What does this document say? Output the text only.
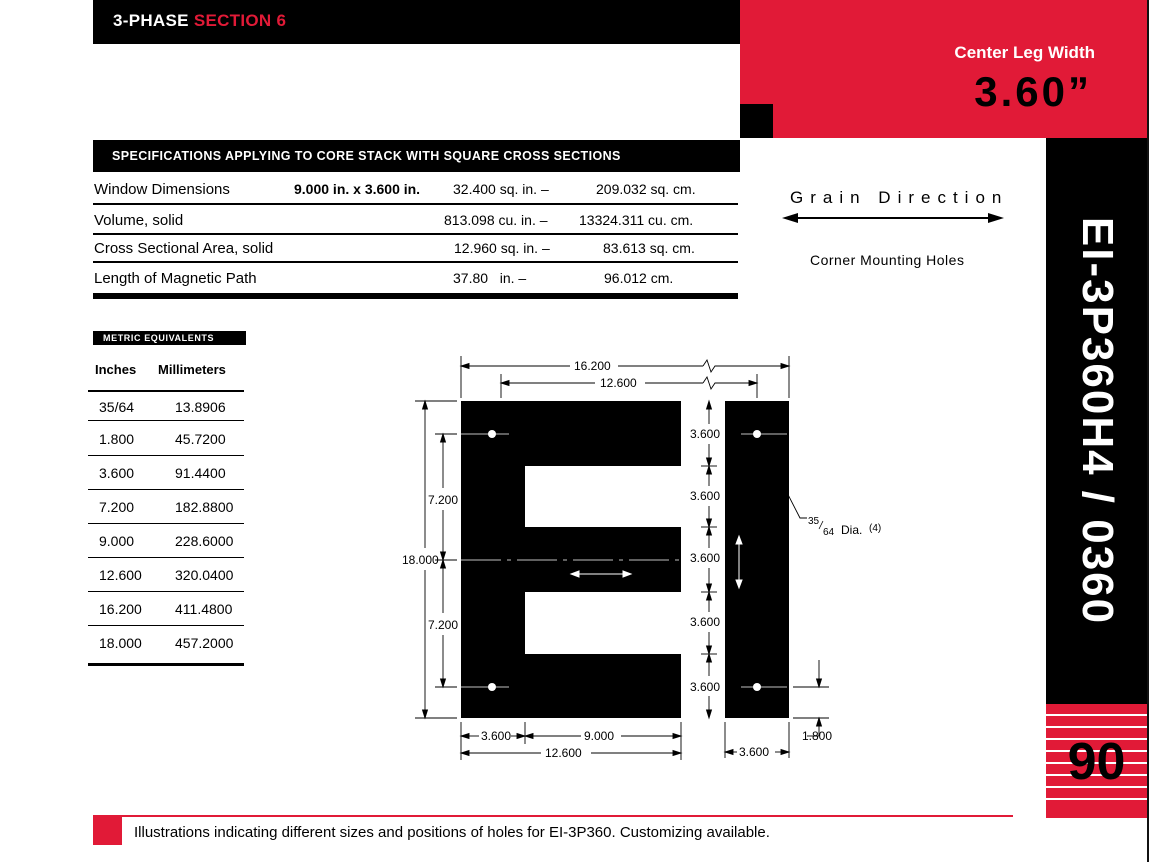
3-PHASE SECTION 6
Center Leg Width
3.60”
EI-3P360H4 / 0360
90
SPECIFICATIONS APPLYING TO CORE STACK WITH SQUARE CROSS SECTIONS
Window Dimensions	9.000 in. x 3.600 in. 32.400 sq. in. –	209.032 sq. cm.
Volume, solid	813.098 cu. in. – 13324.311 cu. cm.
Cross Sectional Area, solid	12.960 sq. in. –	83.613 sq. cm.
Length of Magnetic Path	37.80   in. –	96.012 cm.
Grain Direction
Corner Mounting Holes
METRIC EQUIVALENTS
Inches Millimeters
35/64	13.8906
1.800	45.7200
3.600	91.4400
7.200	182.8800
9.000	228.6000
12.600 320.0400
16.200 411.4800
18.000 457.2000
16.200
12.600
18.000
7.200
7.200
3.600
3.600
3.600
3.600
3.600
35
64 Dia. (4)
1.800
3.600	9.000
12.600	3.600
Illustrations indicating different sizes and positions of holes for EI-3P360. Customizing available.
